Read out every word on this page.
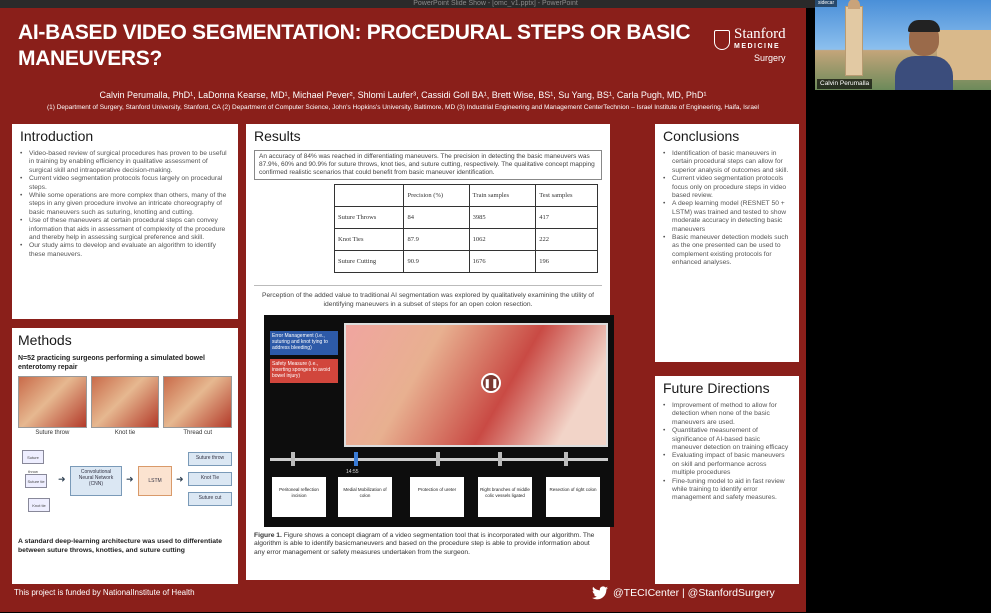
PowerPoint Slide Show - [omc_v1.pptx] - PowerPoint
AI-BASED VIDEO SEGMENTATION: PROCEDURAL STEPS OR BASIC MANEUVERS?
Stanford
MEDICINE
Surgery
Calvin Perumalla, PhD¹, LaDonna Kearse, MD¹, Michael Pever², Shlomi Laufer³, Cassidi Goll BA¹, Brett Wise, BS¹, Su Yang, BS¹, Carla Pugh, MD, PhD¹
(1) Department of Surgery, Stanford University, Stanford, CA (2) Department of Computer Science, John's Hopkins's University, Baltimore, MD (3) Industrial Engineering and Management CenterTechnion – Israel Institute of Engineering, Haifa, Israel
Introduction
• Video-based review of surgical procedures has proven to be useful in training by enabling efficiency in qualitative assessment of surgical skill and intraoperative decision-making.
• Current video segmentation protocols focus largely on procedural steps.
• While some operations are more complex than others, many of the steps in any given procedure involve an intricate choreography of basic maneuvers such as suturing, knotting and cutting.
• Use of these maneuvers at certain procedural steps can convey information that aids in assessment of complexity of the procedure and thereby help in assessing surgical preference and skill.
• Our study aims to develop and evaluate an algorithm to identify these maneuvers.
Methods
N=52 practicing surgeons performing a simulated bowel enterotomy repair
Suture throw	Knot tie	Thread cut
Suture throw
Suture tie
Knot tie
➜
Convolutional Neural Network (CNN)	➜	LSTM	➜
Suture throw
Knot Tie
Suture cut
A standard deep-learning architecture was used to differentiate between suture throws, knotties, and suture cutting
Results
An accuracy of 84% was reached in differentiating maneuvers. The precision in detecting the basic maneuvers was 87.9%, 60% and 90.9% for suture throws, knot ties, and suture cutting, respectively. The qualitative concept mapping confirmed realistic scenarios that could benefit from basic maneuver identification.
	Precision (%)	Train samples	Test samples
Suture Throws	84	3985	417
Knot Ties	87.9	1062	222
Suture Cutting	90.9	1676	196
Perception of the added value to traditional AI segmentation was explored by qualitatively examining the utility of identifying maneuvers in a subset of steps for an open colon resection.
Error Management (i.e., suturing and knot tying to address bleeding)
Safety Measure (i.e., inserting sponges to avoid bowel injury)
❚❚
14:55
Peritoneal reflection incision
Medial Mobilization of colon
Protection of ureter	Right branches of middle colic vessels ligated
Resection of right colon
Figure 1. Figure shows a concept diagram of a video segmentation tool that is incorporated with our algorithm. The algorithm is able to identify basicmaneuvers and based on the procedure step is able to provide information about any error management or safety measures undertaken from the surgeon.
Conclusions
• Identification of basic maneuvers in certain procedural steps can allow for superior analysis of outcomes and skill.
• Current video segmentation protocols focus only on procedure steps in video based review.
• A deep learning model (RESNET 50 + LSTM) was trained and tested to show moderate accuracy in detecting basic maneuvers
• Basic maneuver detection models such as the one presented can be used to complement existing protocols for enhanced analyses.
Future Directions
• Improvement of method to allow for detection when none of the basic maneuvers are used.
• Quantitative measurement of significance of AI-based basic maneuver detection on training efficacy
• Evaluating impact of basic maneuvers on skill and performance across multiple procedures
• Fine-tuning model to aid in fast review while training to identify error management and safety measures.
This project is funded by NationalInstitute of Health	@TECICenter | @StanfordSurgery
sidecar
Calvin Perumalla
